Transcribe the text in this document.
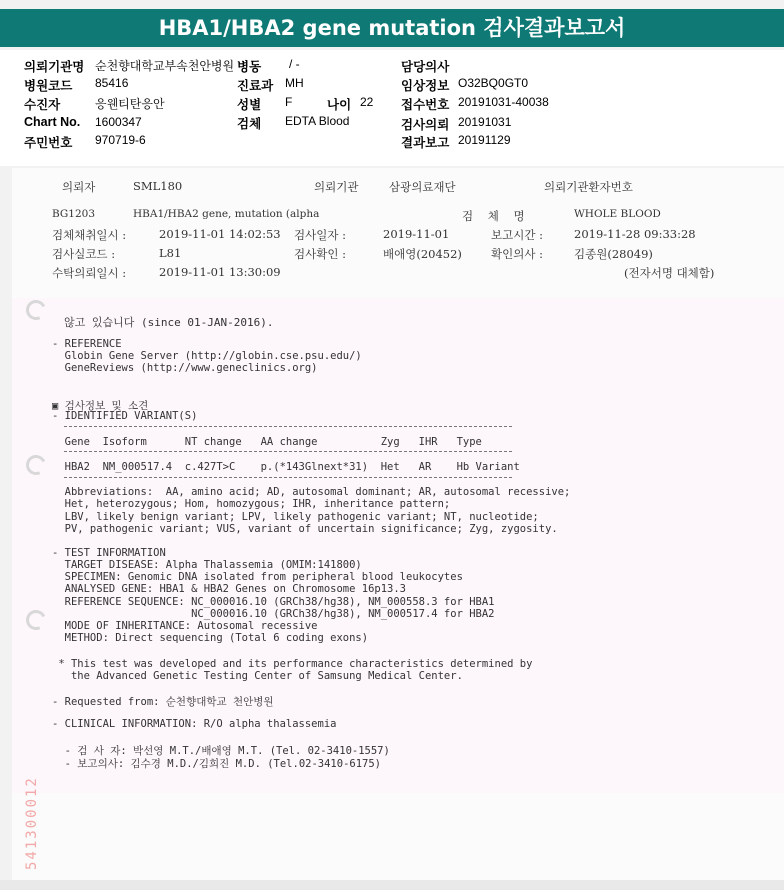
HBA1/HBA2 gene mutation 검사결과보고서
의뢰기관명 순천향대학교부속천안병원 병동 / -	담당의사
병원코드 85416	진료과 MH	임상정보 O32BQ0GT0
수진자	응웬티탄응안	성별 F	나이 22 접수번호 20191031-40038
Chart No. 1600347	검체 EDTA Blood	검사의뢰 20191031
주민번호 970719-6	결과보고 20191129
의뢰자	SML180	의뢰기관	삼광의료재단	의뢰기관환자번호
BG1203	HBA1/HBA2 gene, mutation (alpha	검    체    명	WHOLE BLOOD
검체채취일시 :	2019-11-01 14:02:53 검사일자 :	2019-11-01	보고시간 :	2019-11-28 09:33:28
검사실코드 :	L81	검사확인 :	배애영(20452)	확인의사 :	김종원(28049)
수탁의뢰일시 :	2019-11-01 13:30:09	(전자서명 대체함)
않고 있습니다 (since 01-JAN-2016).
- REFERENCE
Globin Gene Server (http://globin.cse.psu.edu/)
GeneReviews (http://www.geneclinics.org)
▣ 검사정보 및 소견
- IDENTIFIED VARIANT(S)
Gene  Isoform      NT change   AA change          Zyg   IHR   Type
HBA2  NM_000517.4  c.427T>C    p.(*143Glnext*31)  Het   AR    Hb Variant
Abbreviations:  AA, amino acid; AD, autosomal dominant; AR, autosomal recessive;
Het, heterozygous; Hom, homozygous; IHR, inheritance pattern;
LBV, likely benign variant; LPV, likely pathogenic variant; NT, nucleotide;
PV, pathogenic variant; VUS, variant of uncertain significance; Zyg, zygosity.
- TEST INFORMATION
TARGET DISEASE: Alpha Thalassemia (OMIM:141800)
SPECIMEN: Genomic DNA isolated from peripheral blood leukocytes
ANALYSED GENE: HBA1 & HBA2 Genes on Chromosome 16p13.3
REFERENCE SEQUENCE: NC_000016.10 (GRCh38/hg38), NM_000558.3 for HBA1
NC_000016.10 (GRCh38/hg38), NM_000517.4 for HBA2
MODE OF INHERITANCE: Autosomal recessive
METHOD: Direct sequencing (Total 6 coding exons)
* This test was developed and its performance characteristics determined by
the Advanced Genetic Testing Center of Samsung Medical Center.
- Requested from: 순천향대학교 천안병원
- CLINICAL INFORMATION: R/O alpha thalassemia
- 검 사 자: 박선영 M.T./배애영 M.T. (Tel. 02-3410-1557)
- 보고의사: 김수경 M.D./김희진 M.D. (Tel.02-3410-6175)
541300012
